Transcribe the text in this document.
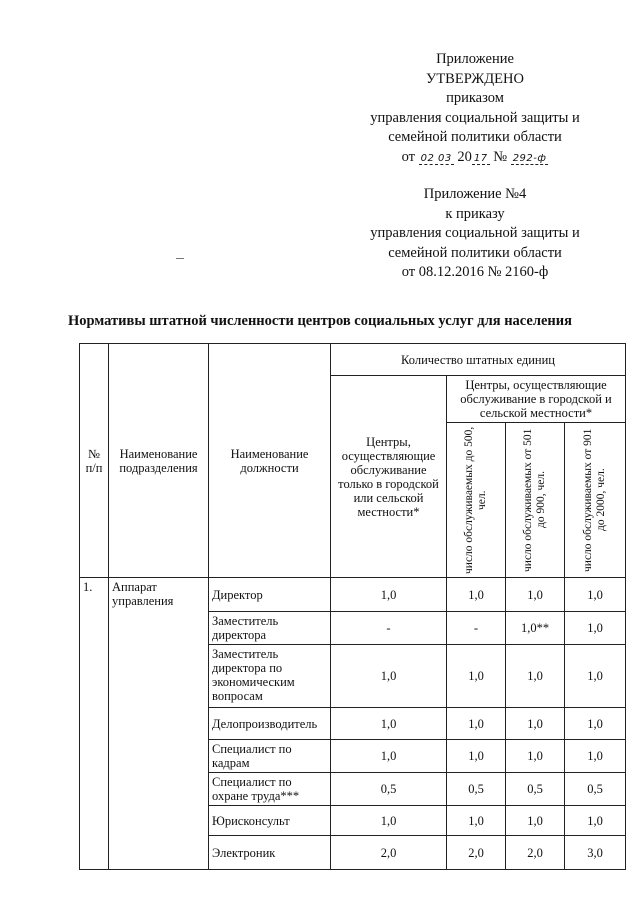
Приложение
УТВЕРЖДЕНО
приказом
управления социальной защиты и
семейной политики области
от 02 03 20 17 № 292-ф
Приложение №4
к приказу
управления социальной защиты и
семейной политики области
от 08.12.2016 № 2160-ф
Нормативы штатной численности центров социальных услуг для населения
№ п/п	Наименование подразделения	Наименование должности	Количество штатных единиц			
			Центры, осуществляющие обслуживание только в городской или сельской местности*	Центры, осуществляющие обслуживание в городской и сельской местности*		

				число обслуживаемых до 500, чел.	число обслуживаемых от 501 до 900, чел.	число обслуживаемых от 901 до 2000, чел.

1.	Аппарат управления	Директор	1,0	1,0	1,0	1,0
		Заместитель директора	-	-	1,0**	1,0
		Заместитель директора по экономическим вопросам	1,0	1,0	1,0	1,0
		Делопроизводитель	1,0	1,0	1,0	1,0
		Специалист по кадрам	1,0	1,0	1,0	1,0
		Специалист по охране труда***	0,5	0,5	0,5	0,5
		Юрисконсульт	1,0	1,0	1,0	1,0
		Электроник	2,0	2,0	2,0	3,0
